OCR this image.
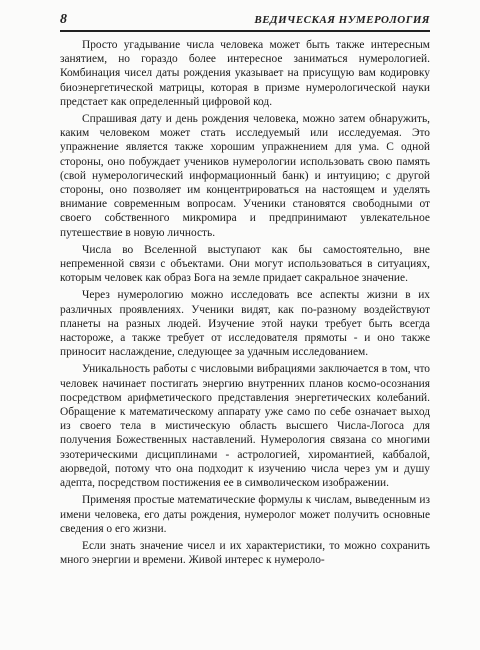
8	ВЕДИЧЕСКАЯ НУМЕРОЛОГИЯ

Просто угадывание числа человека может быть также интересным занятием, но гораздо более интересное заниматься нумерологией. Комбинация чисел даты рождения указывает на присущую вам кодировку биоэнергетической матрицы, которая в призме нумерологической науки предстает как определенный цифровой код.

Спрашивая дату и день рождения человека, можно затем обнаружить, каким человеком может стать исследуемый или исследуемая. Это упражнение является также хорошим упражнением для ума. С одной стороны, оно побуждает учеников нумерологии использовать свою память (свой нумерологический информационный банк) и интуицию; с другой стороны, оно позволяет им концентрироваться на настоящем и уделять внимание современным вопросам. Ученики становятся свободными от своего собственного микромира и предпринимают увлекательное путешествие в новую личность.

Числа во Вселенной выступают как бы самостоятельно, вне непременной связи с объектами. Они могут использоваться в ситуациях, которым человек как образ Бога на земле придает сакральное значение.

Через нумерологию можно исследовать все аспекты жизни в их различных проявлениях. Ученики видят, как по-разному воздействуют планеты на разных людей. Изучение этой науки требует быть всегда настороже, а также требует от исследователя прямоты - и оно также приносит наслаждение, следующее за удачным исследованием.

Уникальность работы с числовыми вибрациями заключается в том, что человек начинает постигать энергию внутренних планов космо-осознания посредством арифметического представления энергетических колебаний. Обращение к математическому аппарату уже само по себе означает выход из своего тела в мистическую область высшего Числа-Логоса для получения Божественных наставлений. Нумерология связана со многими эзотерическими дисциплинами - астрологией, хиромантией, каббалой, аюрведой, потому что она подходит к изучению числа через ум и душу адепта, посредством постижения ее в символическом изображении.

Применяя простые математические формулы к числам, выведенным из имени человека, его даты рождения, нумеролог может получить основные сведения о его жизни.

Если знать значение чисел и их характеристики, то можно сохранить много энергии и времени. Живой интерес к нумероло-
